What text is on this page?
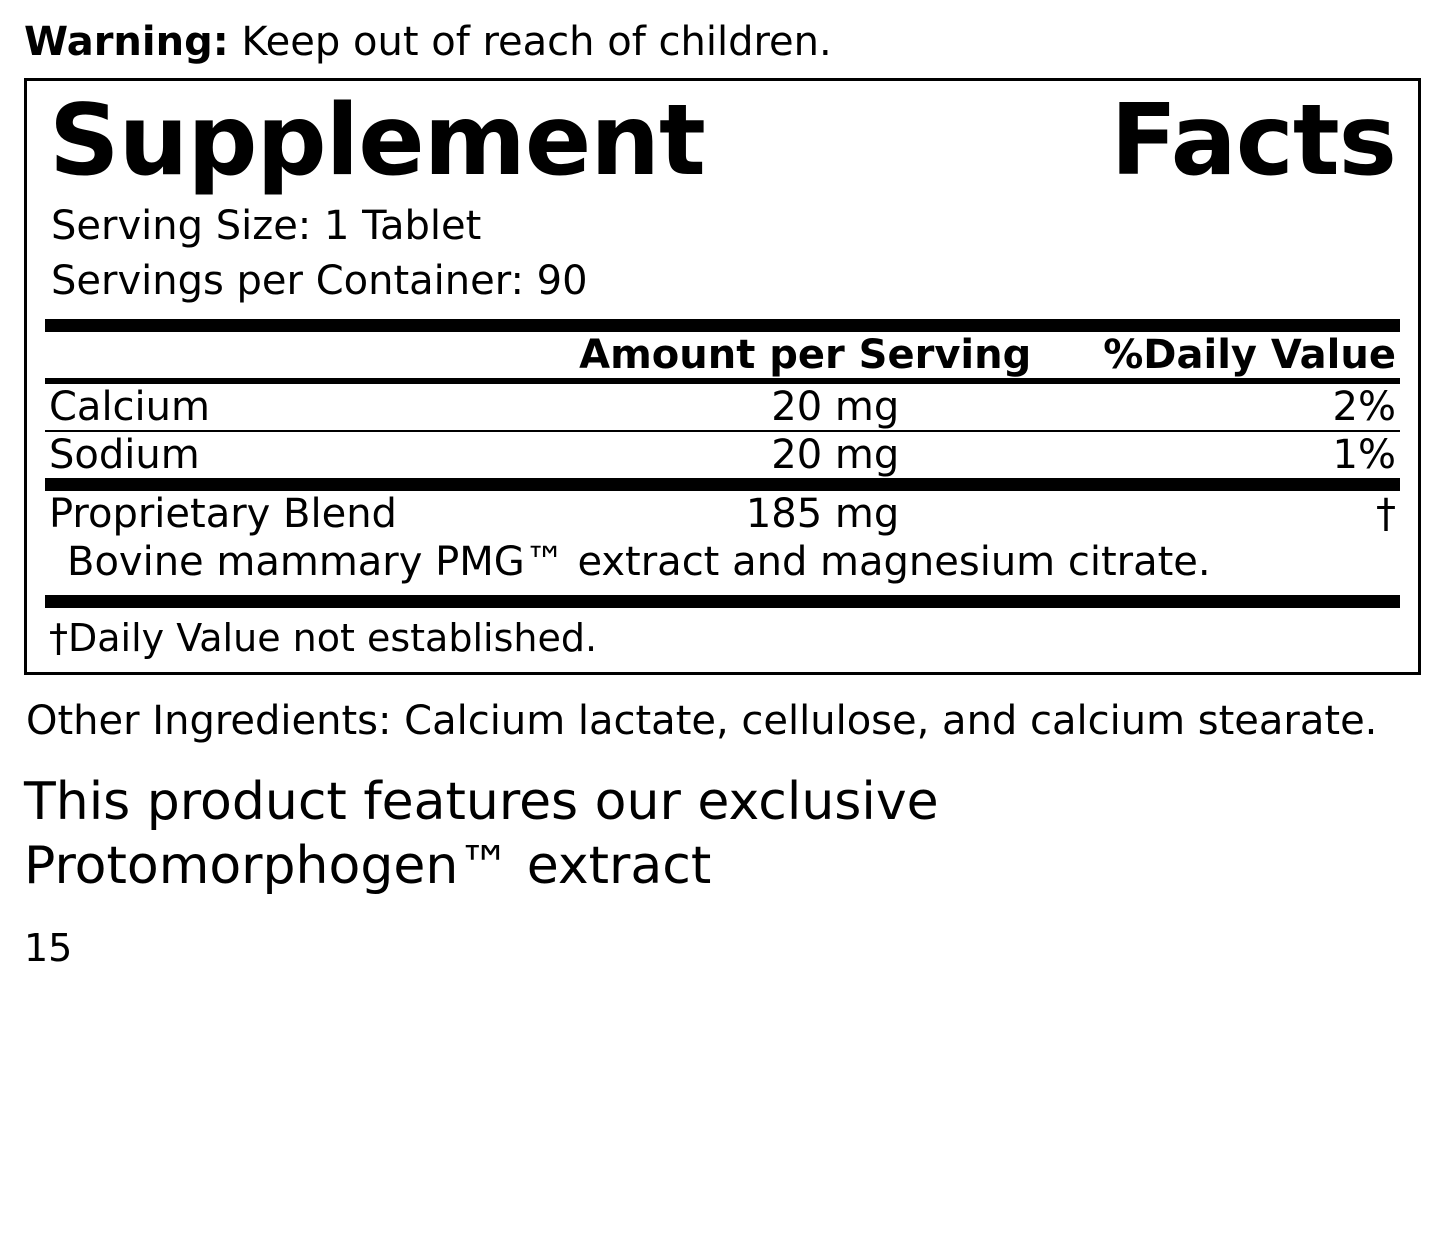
Warning: Keep out of reach of children.
Supplement	Facts
Serving Size: 1 Tablet
Servings per Container: 90
	Amount per Serving	%Daily Value
Calcium	20 mg	2%
Sodium	20 mg	1%
Proprietary Blend	185 mg	†
Bovine mammary PMG™ extract and magnesium citrate.
†Daily Value not established.
Other Ingredients: Calcium lactate, cellulose, and calcium stearate.
This product features our exclusive
Protomorphogen™ extract
15
